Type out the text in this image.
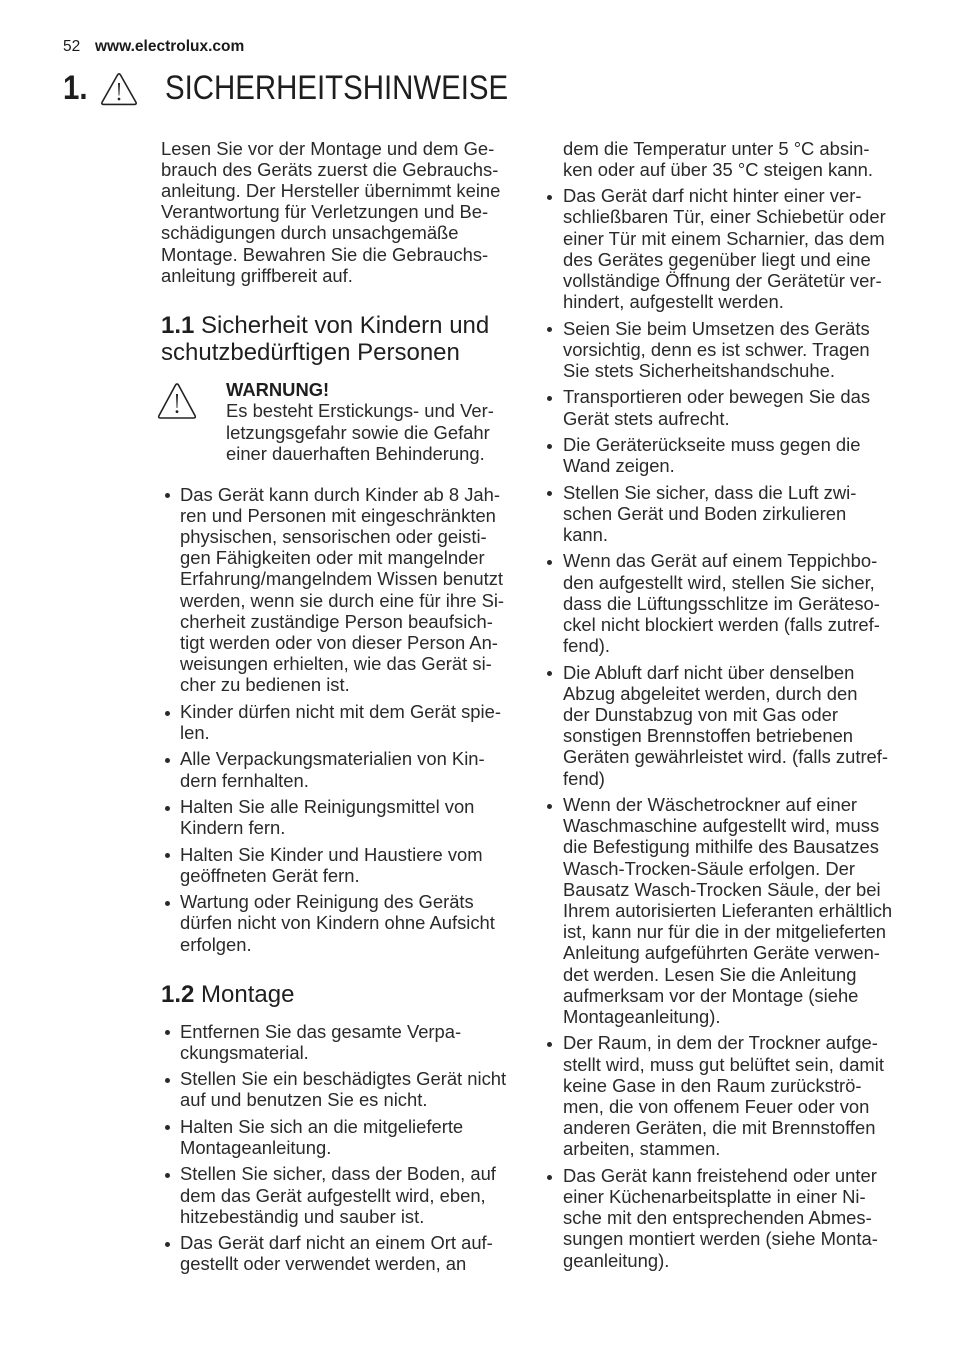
52 www.electrolux.com
1. SICHERHEITSHINWEISE
Lesen Sie vor der Montage und dem Ge-
brauch des Geräts zuerst die Gebrauchs-
anleitung. Der Hersteller übernimmt keine
Verantwortung für Verletzungen und Be-
schädigungen durch unsachgemäße
Montage. Bewahren Sie die Gebrauchs-
anleitung griffbereit auf.
1.1 Sicherheit von Kindern und
schutzbedürftigen Personen
WARNUNG!
Es besteht Erstickungs- und Ver-
letzungsgefahr sowie die Gefahr
einer dauerhaften Behinderung.
Das Gerät kann durch Kinder ab 8 Jah-
ren und Personen mit eingeschränkten
physischen, sensorischen oder geisti-
gen Fähigkeiten oder mit mangelnder
Erfahrung/mangelndem Wissen benutzt
werden, wenn sie durch eine für ihre Si-
cherheit zuständige Person beaufsich-
tigt werden oder von dieser Person An-
weisungen erhielten, wie das Gerät si-
cher zu bedienen ist.
Kinder dürfen nicht mit dem Gerät spie-
len.
Alle Verpackungsmaterialien von Kin-
dern fernhalten.
Halten Sie alle Reinigungsmittel von
Kindern fern.
Halten Sie Kinder und Haustiere vom
geöffneten Gerät fern.
Wartung oder Reinigung des Geräts
dürfen nicht von Kindern ohne Aufsicht
erfolgen.
1.2 Montage
Entfernen Sie das gesamte Verpa-
ckungsmaterial.
Stellen Sie ein beschädigtes Gerät nicht
auf und benutzen Sie es nicht.
Halten Sie sich an die mitgelieferte
Montageanleitung.
Stellen Sie sicher, dass der Boden, auf
dem das Gerät aufgestellt wird, eben,
hitzebeständig und sauber ist.
Das Gerät darf nicht an einem Ort auf-
gestellt oder verwendet werden, an
dem die Temperatur unter 5 °C absin-
ken oder auf über 35 °C steigen kann.
Das Gerät darf nicht hinter einer ver-
schließbaren Tür, einer Schiebetür oder
einer Tür mit einem Scharnier, das dem
des Gerätes gegenüber liegt und eine
vollständige Öffnung der Gerätetür ver-
hindert, aufgestellt werden.
Seien Sie beim Umsetzen des Geräts
vorsichtig, denn es ist schwer. Tragen
Sie stets Sicherheitshandschuhe.
Transportieren oder bewegen Sie das
Gerät stets aufrecht.
Die Geräterückseite muss gegen die
Wand zeigen.
Stellen Sie sicher, dass die Luft zwi-
schen Gerät und Boden zirkulieren
kann.
Wenn das Gerät auf einem Teppichbo-
den aufgestellt wird, stellen Sie sicher,
dass die Lüftungsschlitze im Geräteso-
ckel nicht blockiert werden (falls zutref-
fend).
Die Abluft darf nicht über denselben
Abzug abgeleitet werden, durch den
der Dunstabzug von mit Gas oder
sonstigen Brennstoffen betriebenen
Geräten gewährleistet wird. (falls zutref-
fend)
Wenn der Wäschetrockner auf einer
Waschmaschine aufgestellt wird, muss
die Befestigung mithilfe des Bausatzes
Wasch-Trocken-Säule erfolgen. Der
Bausatz Wasch-Trocken Säule, der bei
Ihrem autorisierten Lieferanten erhältlich
ist, kann nur für die in der mitgelieferten
Anleitung aufgeführten Geräte verwen-
det werden. Lesen Sie die Anleitung
aufmerksam vor der Montage (siehe
Montageanleitung).
Der Raum, in dem der Trockner aufge-
stellt wird, muss gut belüftet sein, damit
keine Gase in den Raum zurückströ-
men, die von offenem Feuer oder von
anderen Geräten, die mit Brennstoffen
arbeiten, stammen.
Das Gerät kann freistehend oder unter
einer Küchenarbeitsplatte in einer Ni-
sche mit den entsprechenden Abmes-
sungen montiert werden (siehe Monta-
geanleitung).
